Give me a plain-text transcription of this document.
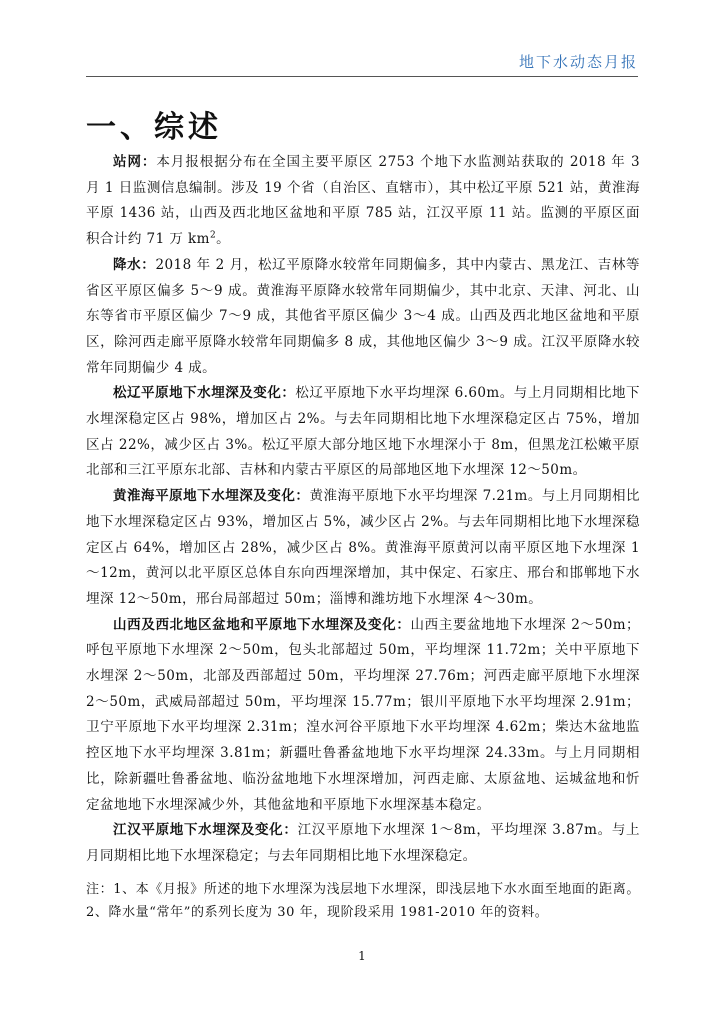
地下水动态月报
一、综述

站网：本月报根据分布在全国主要平原区 2753 个地下水监测站获取的 2018 年 3 月 1 日监测信息编制。涉及 19 个省（自治区、直辖市），其中松辽平原 521 站，黄淮海平原 1436 站，山西及西北地区盆地和平原 785 站，江汉平原 11 站。监测的平原区面积合计约 71 万 $km^2$。

降水：2018 年 2 月，松辽平原降水较常年同期偏多，其中内蒙古、黑龙江、吉林等省区平原区偏多 5～9 成。黄淮海平原降水较常年同期偏少，其中北京、天津、河北、山东等省市平原区偏少 7～9 成，其他省平原区偏少 3～4 成。山西及西北地区盆地和平原区，除河西走廊平原降水较常年同期偏多 8 成，其他地区偏少 3～9 成。江汉平原降水较常年同期偏少 4 成。

松辽平原地下水埋深及变化：松辽平原地下水平均埋深 6.60m。与上月同期相比地下水埋深稳定区占 98%，增加区占 2%。与去年同期相比地下水埋深稳定区占 75%，增加区占 22%，减少区占 3%。松辽平原大部分地区地下水埋深小于 8m，但黑龙江松嫩平原北部和三江平原东北部、吉林和内蒙古平原区的局部地区地下水埋深 12～50m。

黄淮海平原地下水埋深及变化：黄淮海平原地下水平均埋深 7.21m。与上月同期相比地下水埋深稳定区占 93%，增加区占 5%，减少区占 2%。与去年同期相比地下水埋深稳定区占 64%，增加区占 28%，减少区占 8%。黄淮海平原黄河以南平原区地下水埋深 1～12m，黄河以北平原区总体自东向西埋深增加，其中保定、石家庄、邢台和邯郸地下水埋深 12～50m，邢台局部超过 50m；淄博和潍坊地下水埋深 4～30m。

山西及西北地区盆地和平原地下水埋深及变化：山西主要盆地地下水埋深 2～50m；呼包平原地下水埋深 2～50m，包头北部超过 50m，平均埋深 11.72m；关中平原地下水埋深 2～50m，北部及西部超过 50m，平均埋深 27.76m；河西走廊平原地下水埋深 2～50m，武威局部超过 50m，平均埋深 15.77m；银川平原地下水平均埋深 2.91m；卫宁平原地下水平均埋深 2.31m；湟水河谷平原地下水平均埋深 4.62m；柴达木盆地监控区地下水平均埋深 3.81m；新疆吐鲁番盆地地下水平均埋深 24.33m。与上月同期相比，除新疆吐鲁番盆地、临汾盆地地下水埋深增加，河西走廊、太原盆地、运城盆地和忻定盆地地下水埋深减少外，其他盆地和平原地下水埋深基本稳定。

江汉平原地下水埋深及变化：江汉平原地下水埋深 1～8m，平均埋深 3.87m。与上月同期相比地下水埋深稳定；与去年同期相比地下水埋深稳定。

注：1、本《月报》所述的地下水埋深为浅层地下水埋深，即浅层地下水水面至地面的距离。 2、降水量“常年”的系列长度为 30 年，现阶段采用 1981-2010 年的资料。
1
